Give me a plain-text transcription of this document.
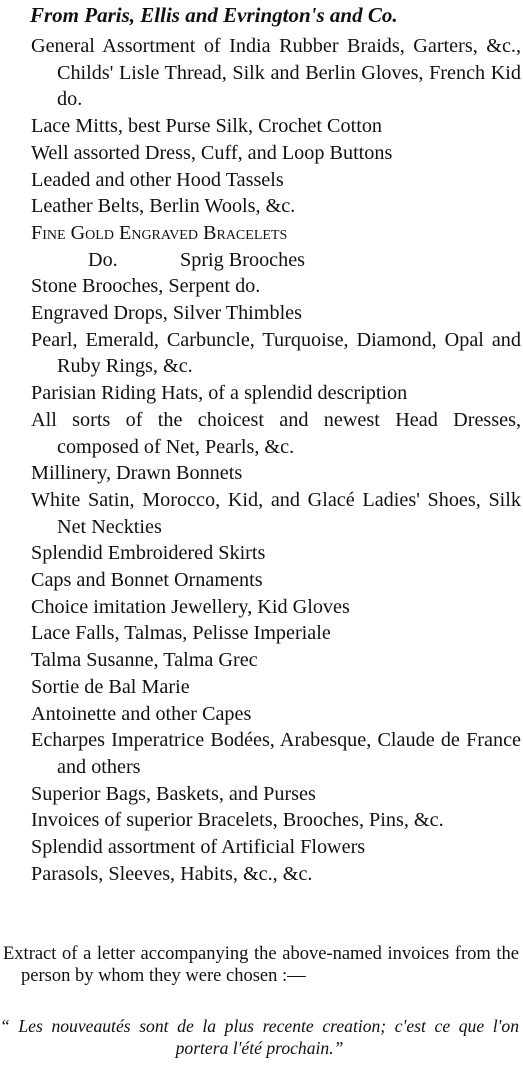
From Paris, Ellis and Evrington's and Co.
General Assortment of India Rubber Braids, Garters, &c., Childs' Lisle Thread, Silk and Berlin Gloves, French Kid do.
Lace Mitts, best Purse Silk, Crochet Cotton
Well assorted Dress, Cuff, and Loop Buttons
Leaded and other Hood Tassels
Leather Belts, Berlin Wools, &c.
Fine Gold Engraved Bracelets
Do.	Sprig Brooches
Stone Brooches, Serpent do.
Engraved Drops, Silver Thimbles
Pearl, Emerald, Carbuncle, Turquoise, Diamond, Opal and Ruby Rings, &c.
Parisian Riding Hats, of a splendid description
All sorts of the choicest and newest Head Dresses, composed of Net, Pearls, &c.
Millinery, Drawn Bonnets
White Satin, Morocco, Kid, and Glacé Ladies' Shoes, Silk Net Neckties
Splendid Embroidered Skirts
Caps and Bonnet Ornaments
Choice imitation Jewellery, Kid Gloves
Lace Falls, Talmas, Pelisse Imperiale
Talma Susanne, Talma Grec
Sortie de Bal Marie
Antoinette and other Capes
Echarpes Imperatrice Bodées, Arabesque, Claude de France and others
Superior Bags, Baskets, and Purses
Invoices of superior Bracelets, Brooches, Pins, &c.
Splendid assortment of Artificial Flowers
Parasols, Sleeves, Habits, &c., &c.
Extract of a letter accompanying the above-named invoices from the person by whom they were chosen :—
“ Les nouveautés sont de la plus recente creation; c'est ce que l'on portera l'été prochain.”
